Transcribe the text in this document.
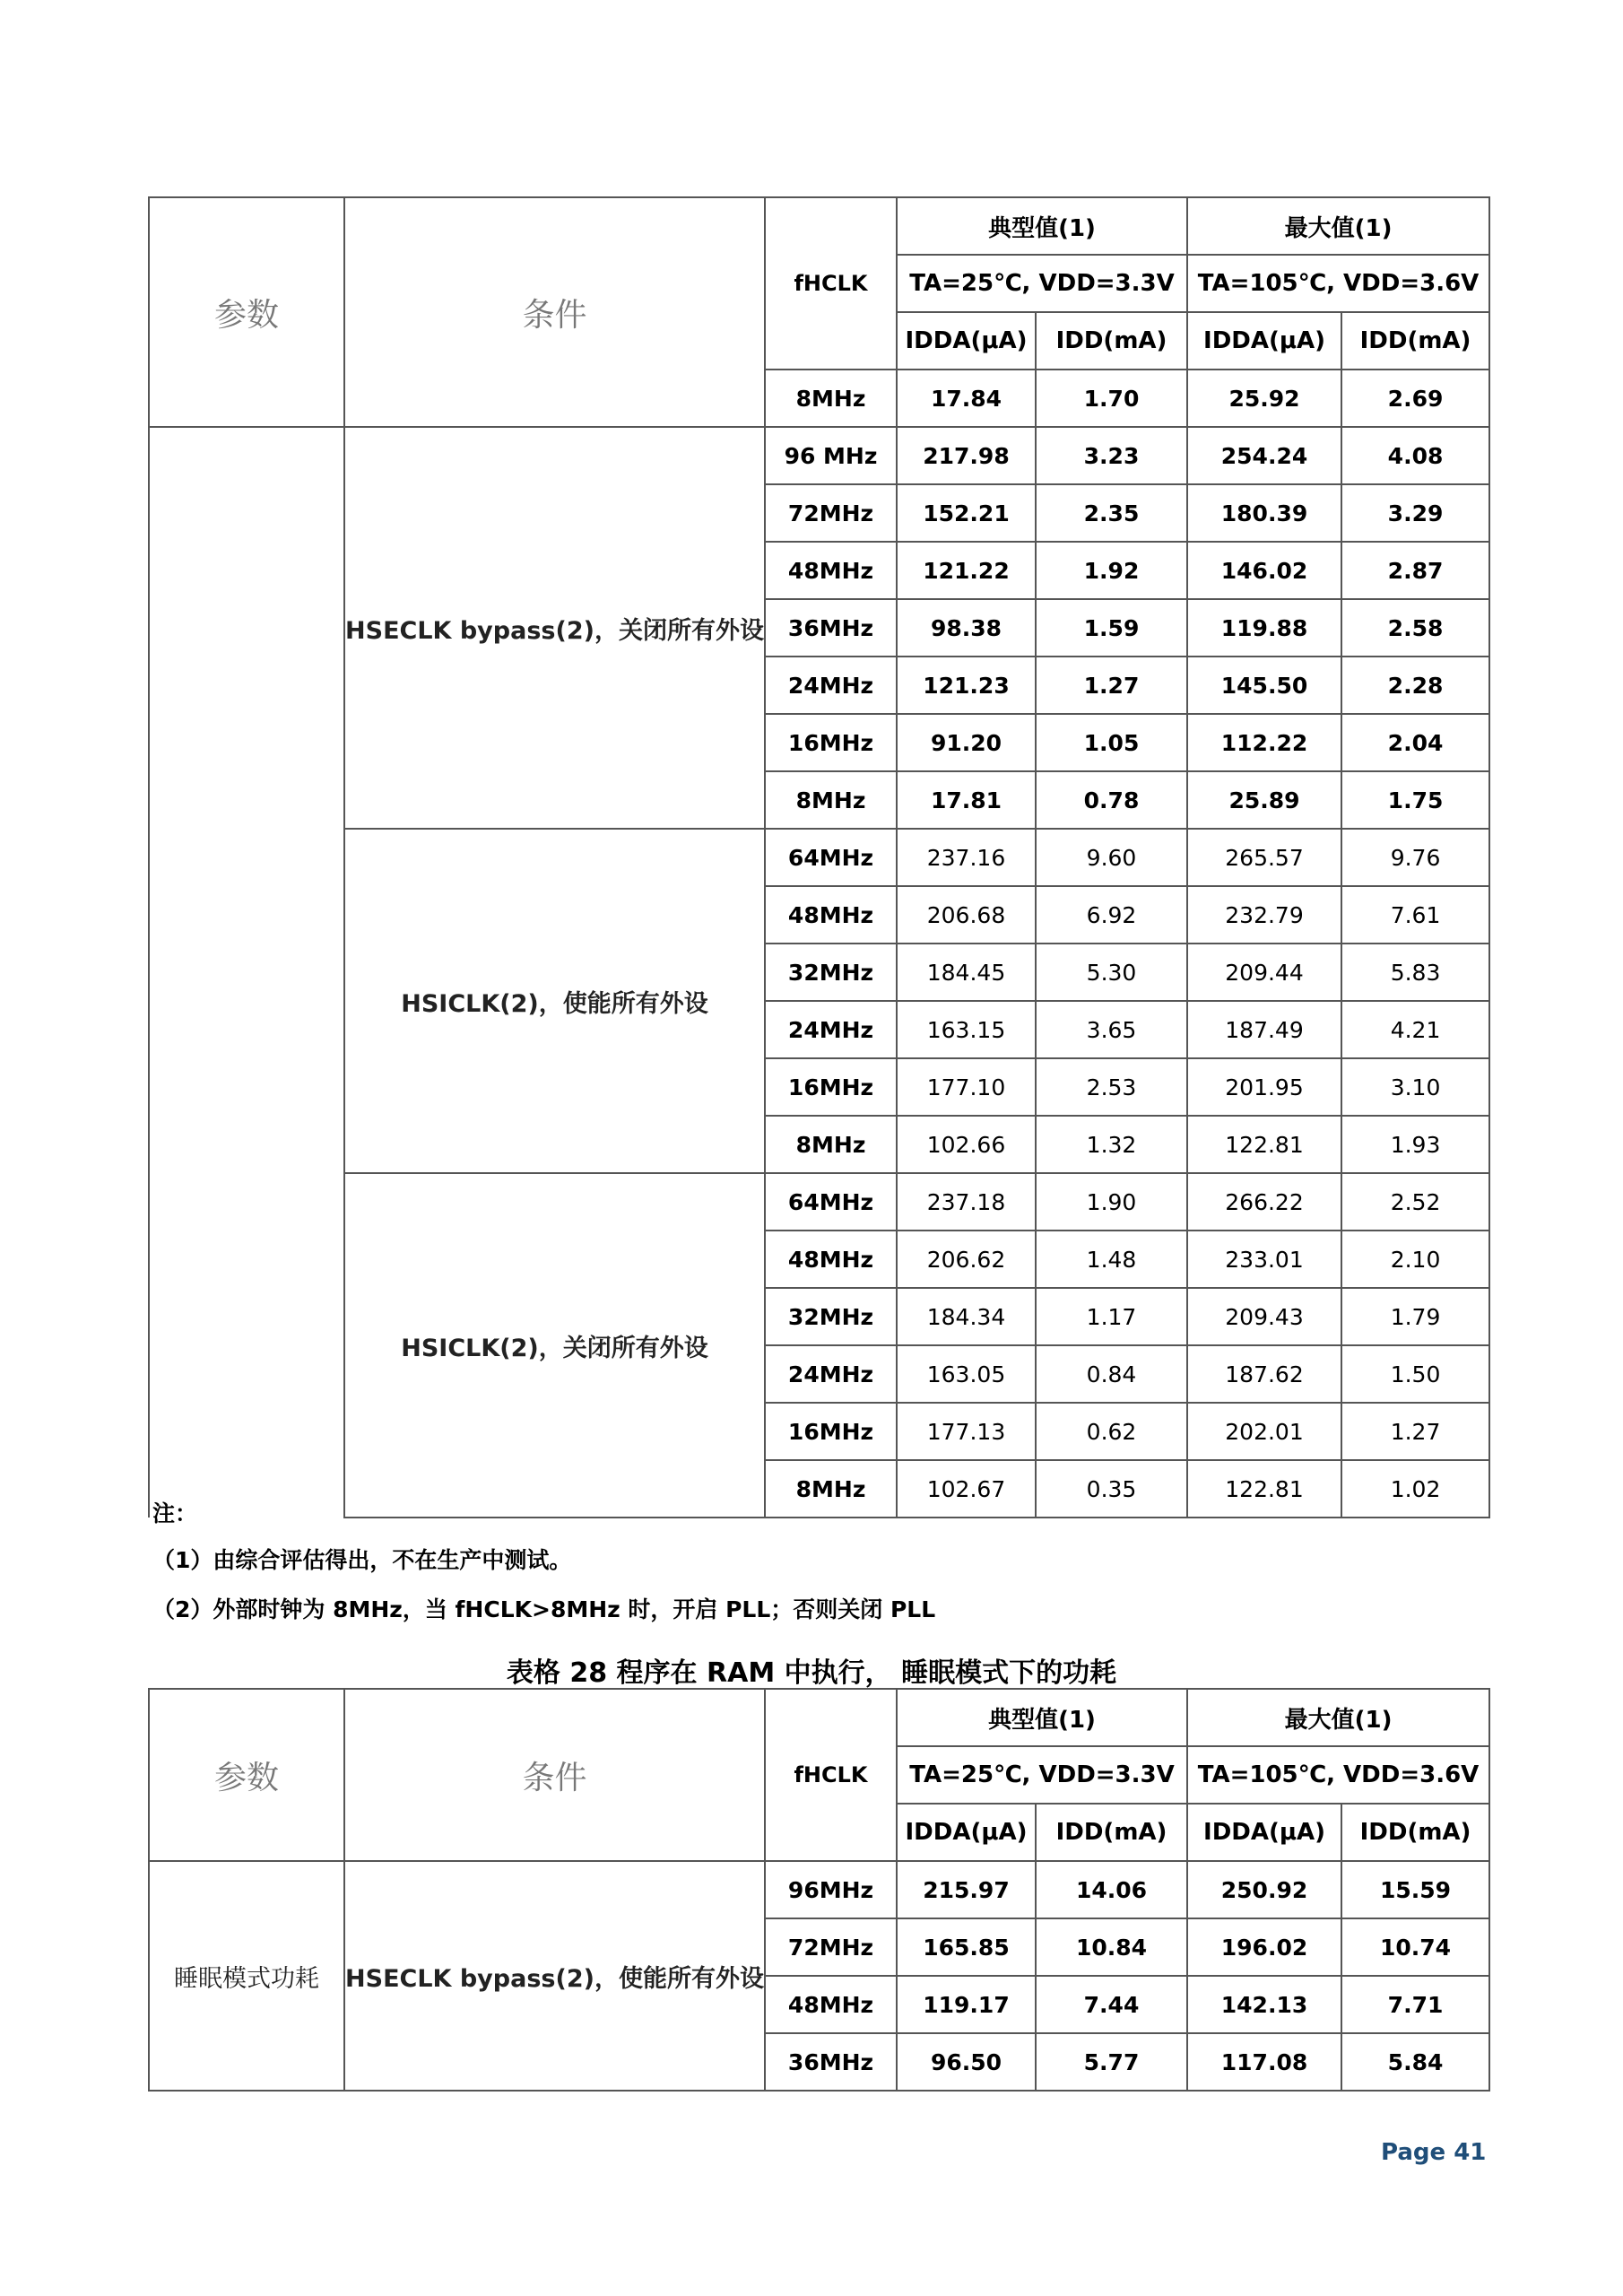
参数	条件	fHCLK	典型值(1)		最大值(1)	
			TA=25℃, VDD=3.3V		TA=105℃, VDD=3.6V	
			IDDA(μA)	IDD(mA)	IDDA(μA)	IDD(mA)
		8MHz	17.84	1.70	25.92	2.69
	HSECLK bypass(2)，关闭所有外设	96 MHz	217.98	3.23	254.24	4.08
		72MHz	152.21	2.35	180.39	3.29
		48MHz	121.22	1.92	146.02	2.87
		36MHz	98.38	1.59	119.88	2.58
		24MHz	121.23	1.27	145.50	2.28
		16MHz	91.20	1.05	112.22	2.04
		8MHz	17.81	0.78	25.89	1.75
	HSICLK(2)，使能所有外设	64MHz	237.16	9.60	265.57	9.76
		48MHz	206.68	6.92	232.79	7.61
		32MHz	184.45	5.30	209.44	5.83
		24MHz	163.15	3.65	187.49	4.21
		16MHz	177.10	2.53	201.95	3.10
		8MHz	102.66	1.32	122.81	1.93
	HSICLK(2)，关闭所有外设	64MHz	237.18	1.90	266.22	2.52
		48MHz	206.62	1.48	233.01	2.10
		32MHz	184.34	1.17	209.43	1.79
		24MHz	163.05	0.84	187.62	1.50
		16MHz	177.13	0.62	202.01	1.27
		8MHz	102.67	0.35	122.81	1.02
注：
（1）由综合评估得出，不在生产中测试。
（2）外部时钟为 8MHz，当 fHCLK>8MHz 时，开启 PLL；否则关闭 PLL
表格 28 程序在 RAM 中执行， 睡眠模式下的功耗
参数	条件	fHCLK	典型值(1)		最大值(1)	
			TA=25℃, VDD=3.3V		TA=105℃, VDD=3.6V	
			IDDA(μA)	IDD(mA)	IDDA(μA)	IDD(mA)
睡眠模式功耗	HSECLK bypass(2)，使能所有外设	96MHz	215.97	14.06	250.92	15.59
		72MHz	165.85	10.84	196.02	10.74
		48MHz	119.17	7.44	142.13	7.71
		36MHz	96.50	5.77	117.08	5.84
Page 41
